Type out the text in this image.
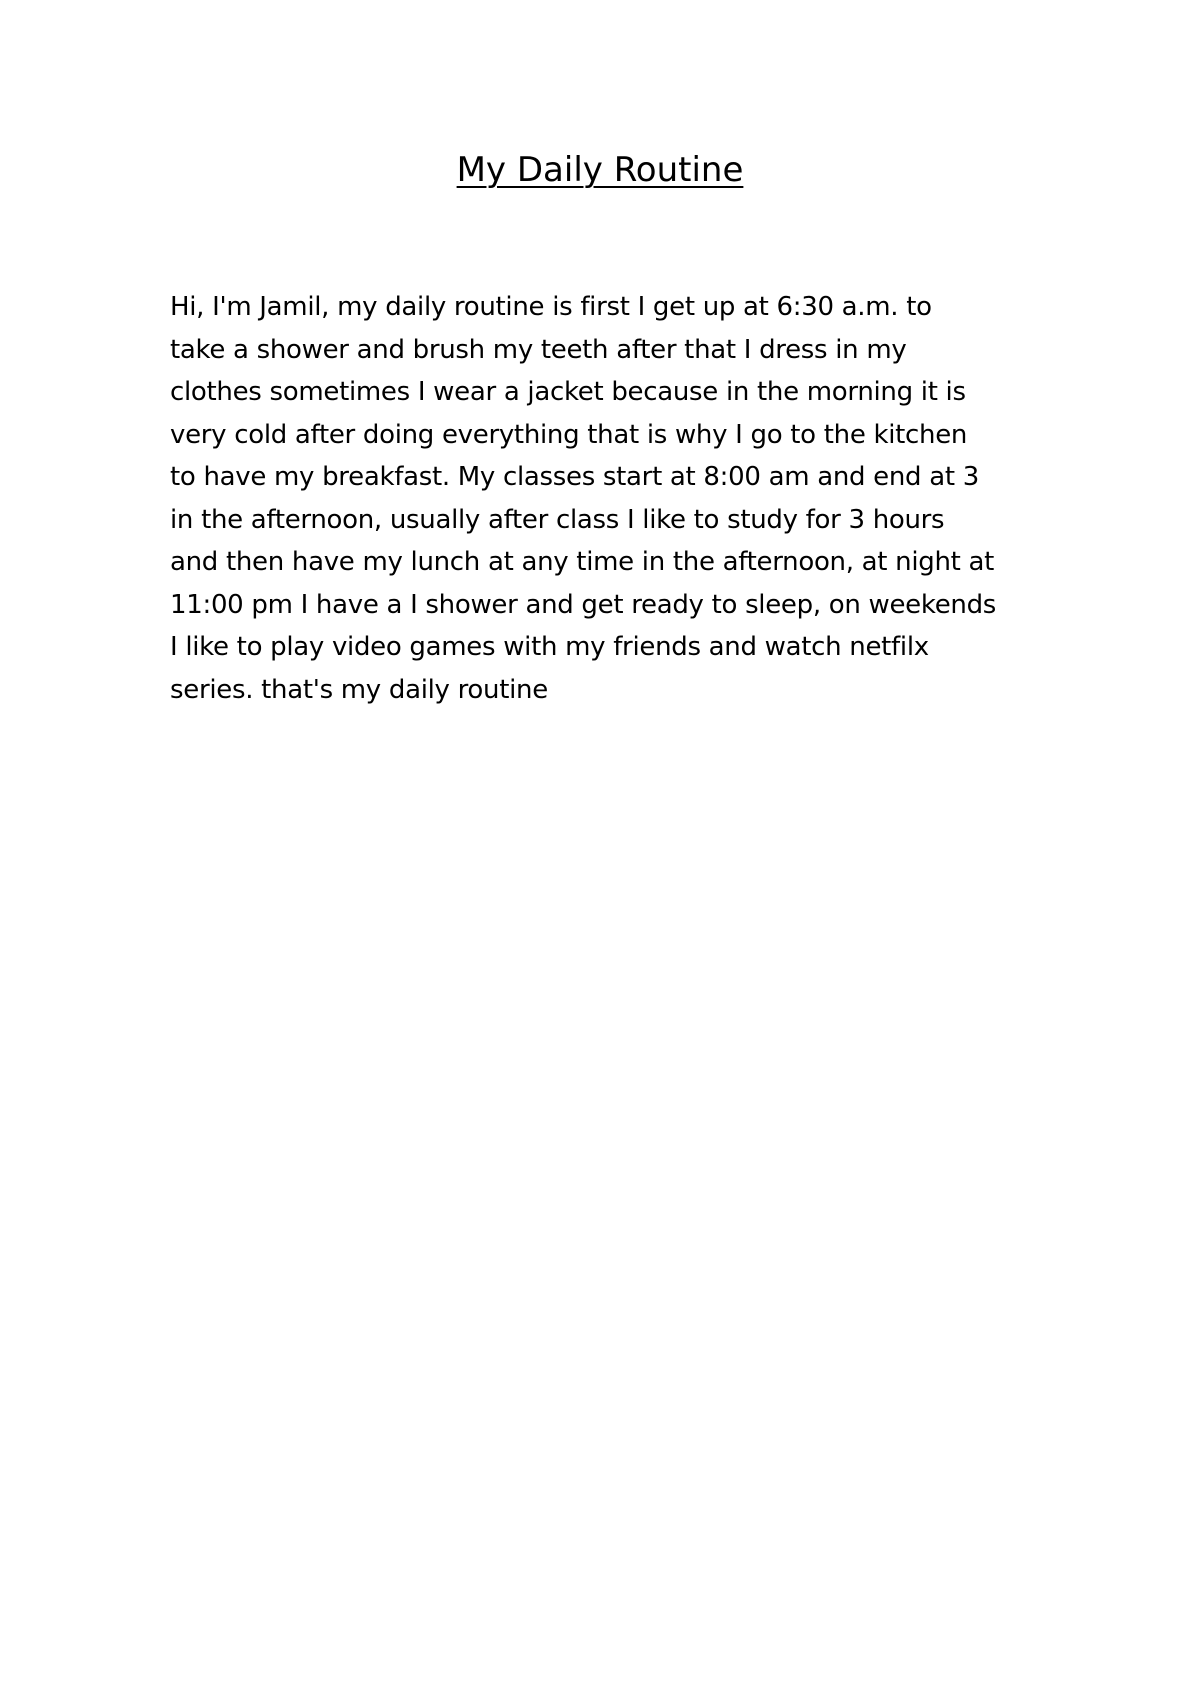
My Daily Routine
Hi, I'm Jamil, my daily routine is first I get up at 6:30 a.m. to
take a shower and brush my teeth after that I dress in my
clothes sometimes I wear a jacket because in the morning it is
very cold after doing everything that is why I go to the kitchen
to have my breakfast. My classes start at 8:00 am and end at 3
in the afternoon, usually after class I like to study for 3 hours
and then have my lunch at any time in the afternoon, at night at
11:00 pm I have a I shower and get ready to sleep, on weekends
I like to play video games with my friends and watch netfilx
series. that's my daily routine
